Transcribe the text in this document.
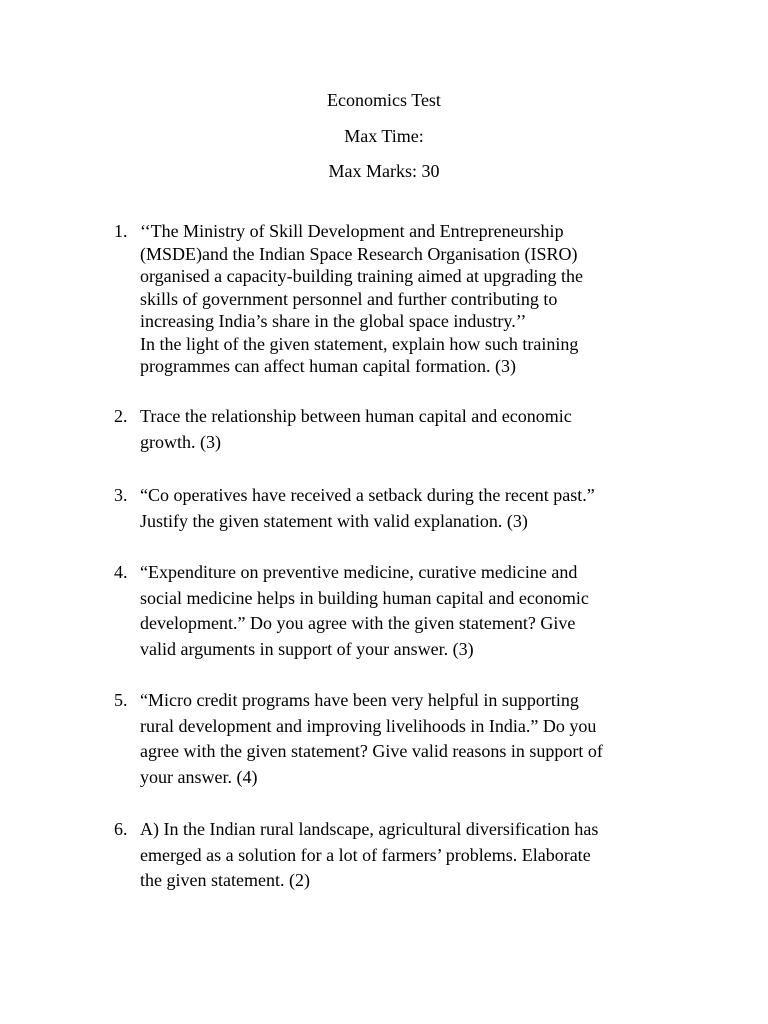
Economics Test
Max Time:
Max Marks: 30
1. ‘‘The Ministry of Skill Development and Entrepreneurship
(MSDE)and the Indian Space Research Organisation (ISRO)
organised a capacity-building training aimed at upgrading the
skills of government personnel and further contributing to
increasing India’s share in the global space industry.’’
In the light of the given statement, explain how such training
programmes can affect human capital formation. (3)
2. Trace the relationship between human capital and economic
growth. (3)
3. “Co operatives have received a setback during the recent past.”
Justify the given statement with valid explanation. (3)
4. “Expenditure on preventive medicine, curative medicine and
social medicine helps in building human capital and economic
development.” Do you agree with the given statement? Give
valid arguments in support of your answer. (3)
5. “Micro credit programs have been very helpful in supporting
rural development and improving livelihoods in India.” Do you
agree with the given statement? Give valid reasons in support of
your answer. (4)
6. A) In the Indian rural landscape, agricultural diversification has
emerged as a solution for a lot of farmers’ problems. Elaborate
the given statement. (2)
